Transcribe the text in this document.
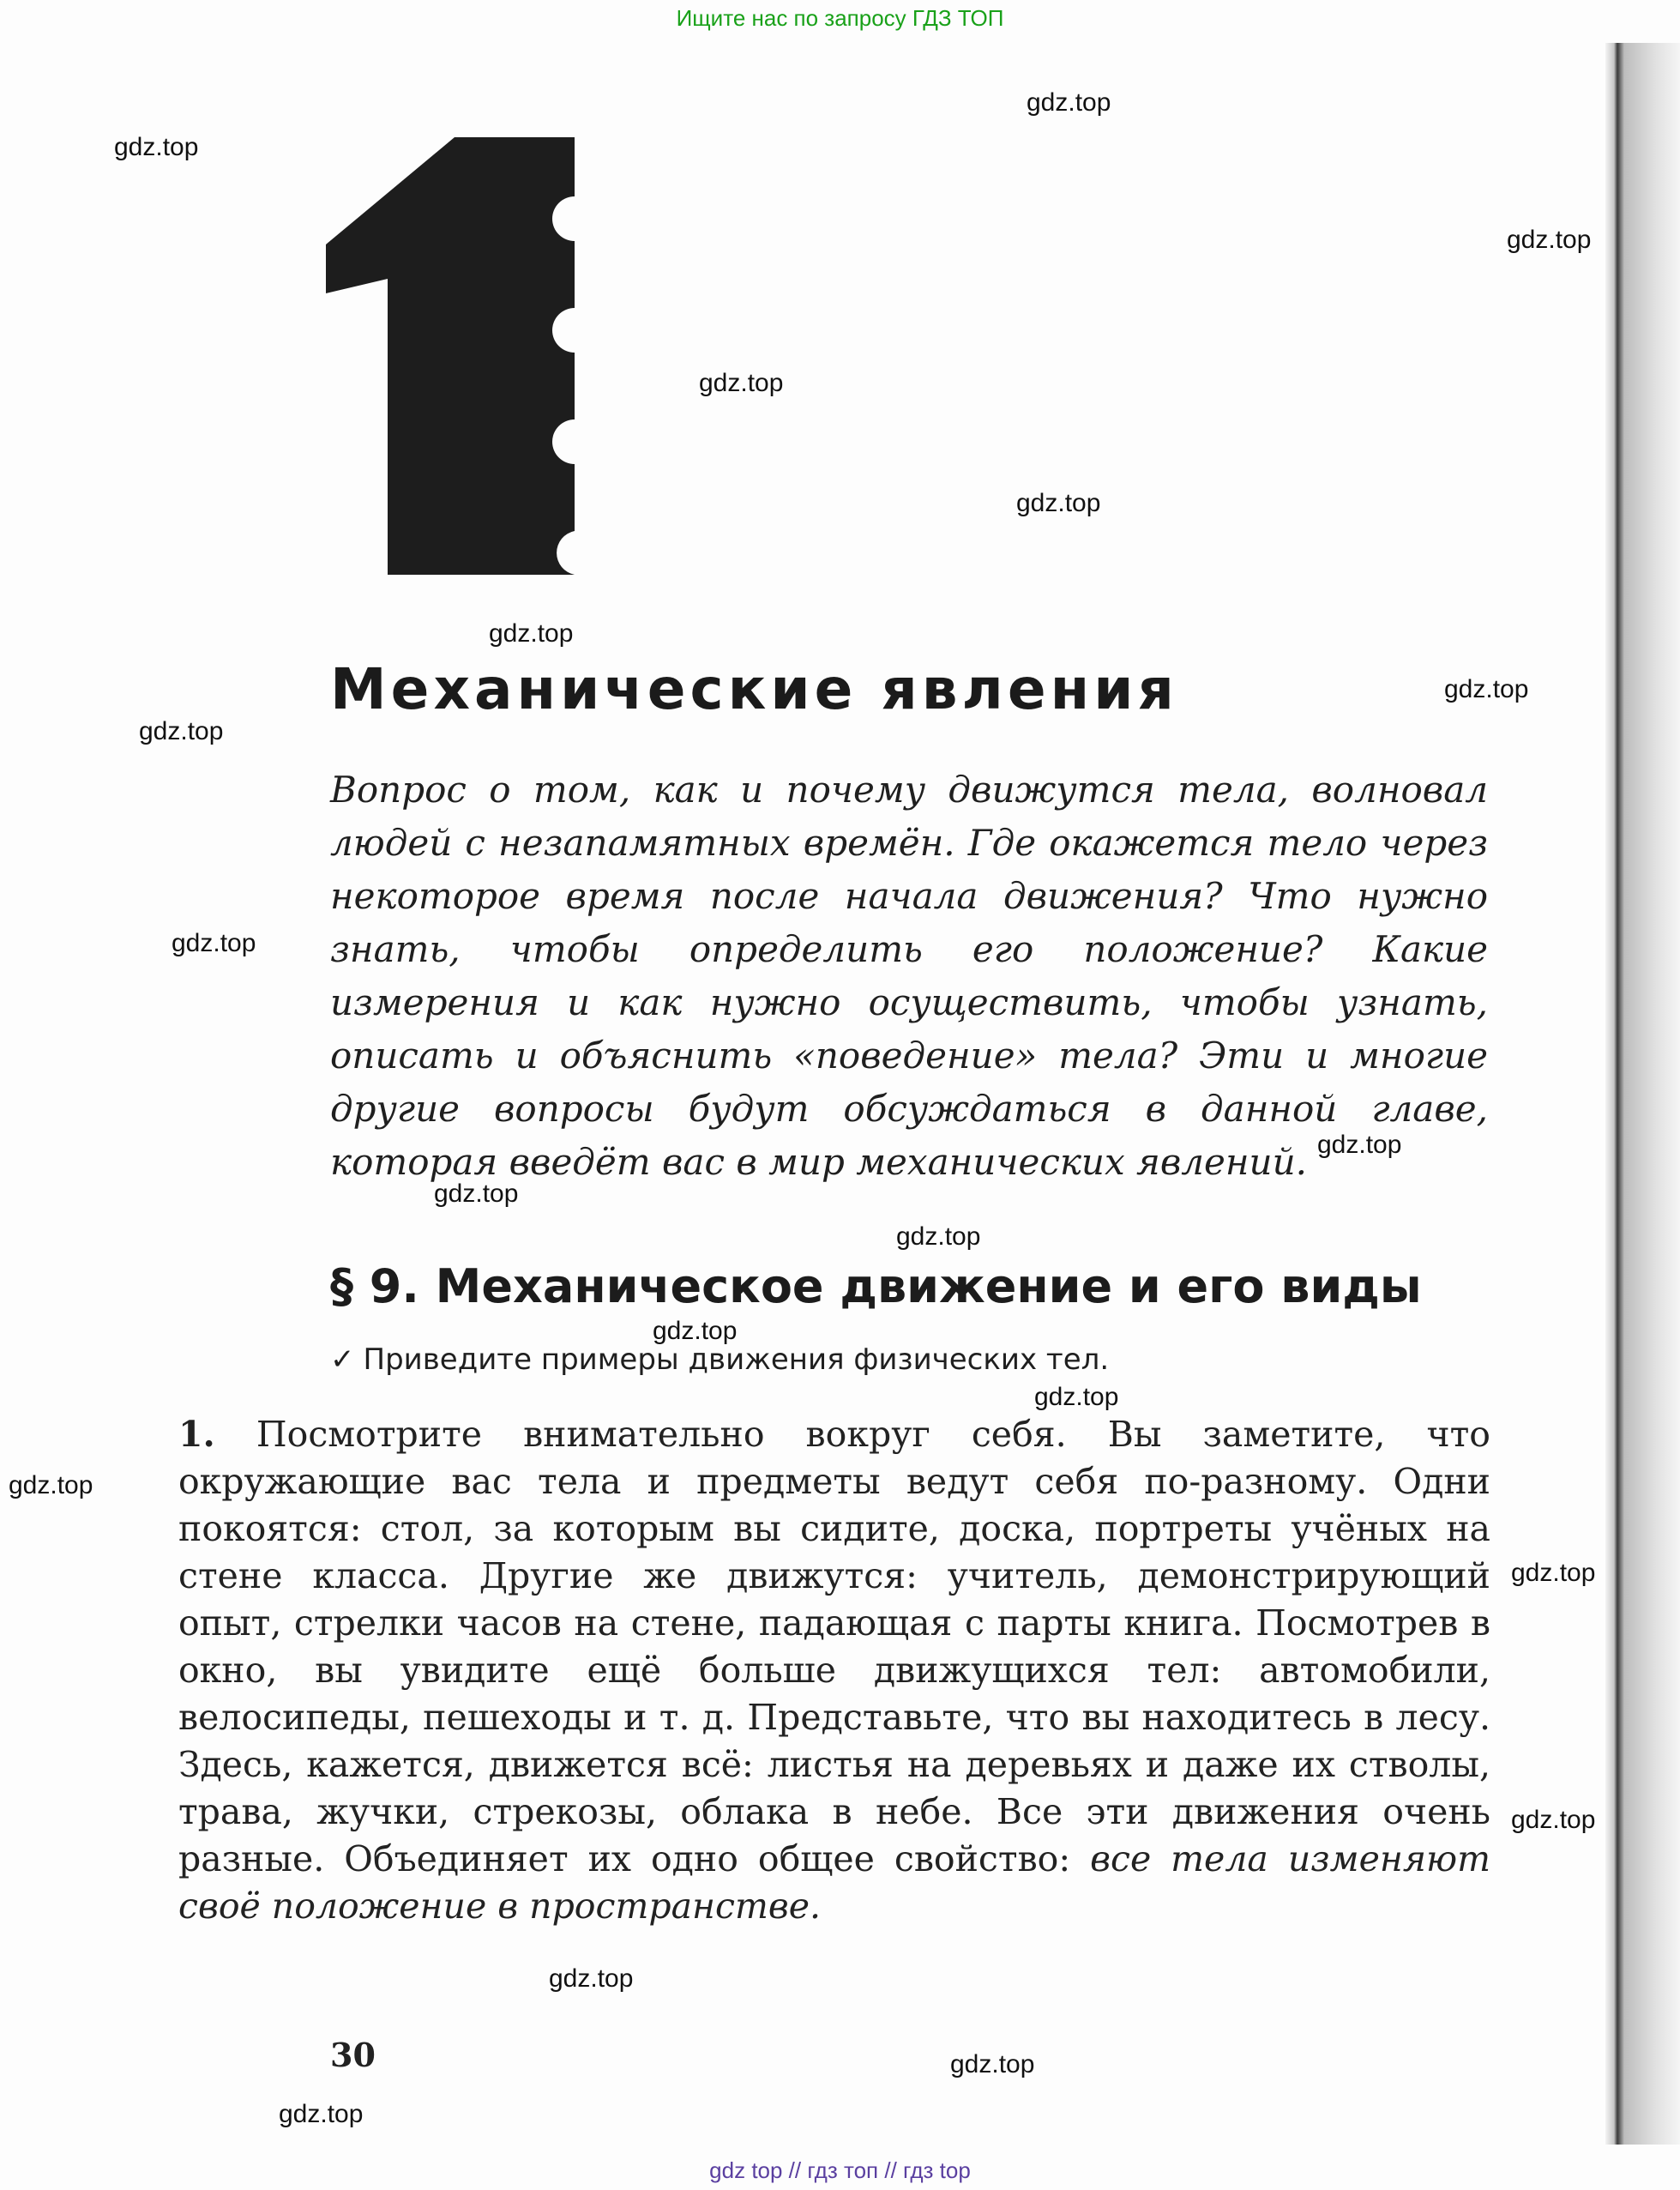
Ищите нас по запросу ГДЗ ТОП
Механические явления

Вопрос о том, как и почему движутся тела, волновал людей с незапамятных времён. Где окажется тело через некоторое время после начала движения? Что нужно знать, чтобы определить его положение? Какие измерения и как нужно осуществить, чтобы узнать, описать и объяснить «поведение» тела? Эти и многие другие вопросы будут обсуждаться в данной главе, которая введёт вас в мир механических явлений.

§ 9. Механическое движение и его виды

✓ Приведите примеры движения физических тел.

1. Посмотрите внимательно вокруг себя. Вы заметите, что окружающие вас тела и предметы ведут себя по-разному. Одни покоятся: стол, за которым вы сидите, доска, портреты учёных на стене класса. Другие же движутся: учитель, демонстрирующий опыт, стрелки часов на стене, падающая с парты книга. Посмотрев в окно, вы увидите ещё больше движущихся тел: автомобили, велосипеды, пешеходы и т. д. Представьте, что вы находитесь в лесу. Здесь, кажется, движется всё: листья на деревьях и даже их стволы, трава, жучки, стрекозы, облака в небе. Все эти движения очень разные. Объединяет их одно общее свойство: все тела изменяют своё положение в пространстве.

30

gdz.top
gdz.top
gdz.top
gdz.top
gdz.top
gdz.top
gdz.top
gdz.top
gdz.top
gdz.top
gdz.top
gdz.top
gdz.top
gdz.top
gdz.top
gdz.top
gdz.top
gdz.top
gdz.top
gdz.top
gdz top // гдз топ // гдз top
